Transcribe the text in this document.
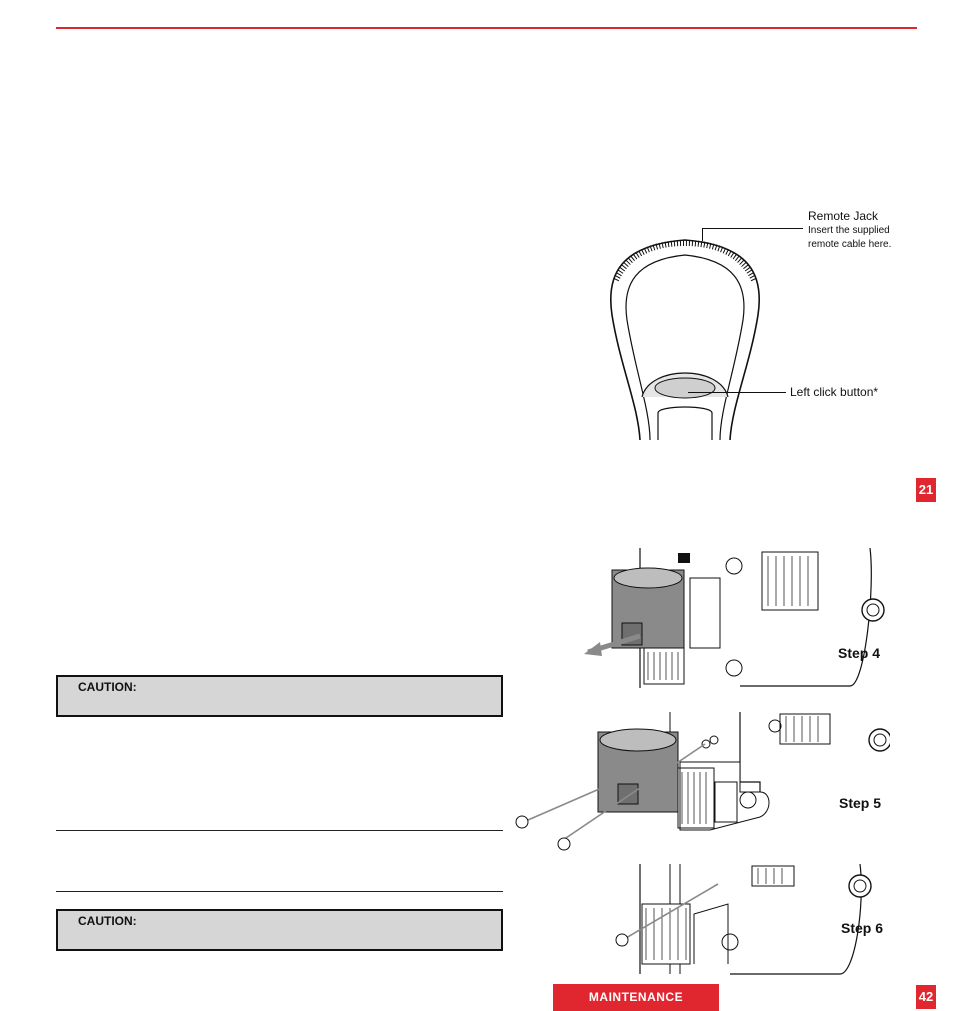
Remote Jack
Insert the supplied
remote cable here.
Left click button*
21
Step 4
CAUTION:
Step 5
Step 6
CAUTION:
MAINTENANCE	42
